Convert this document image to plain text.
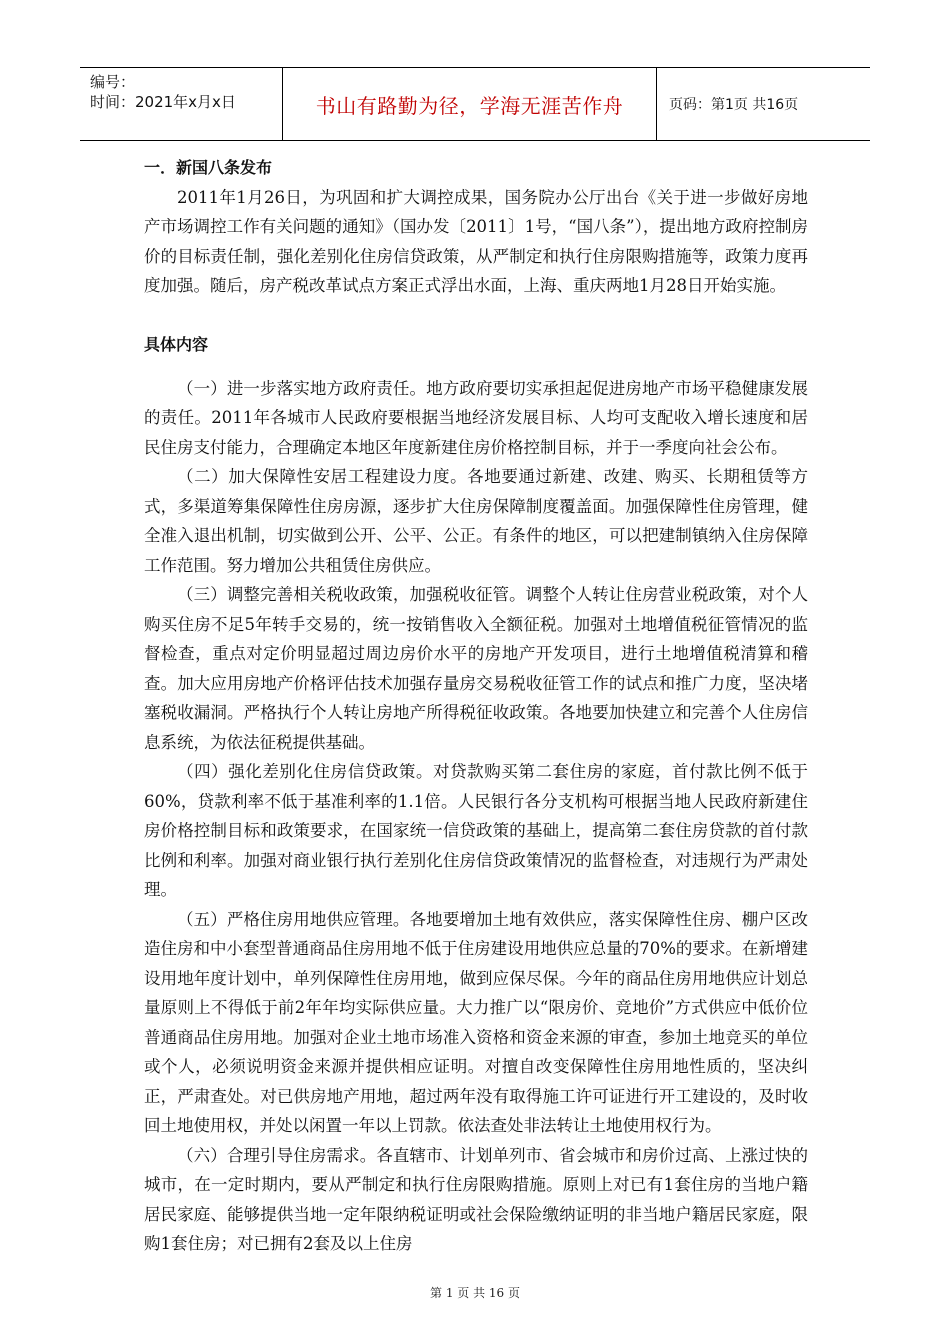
编号：
时间：2021年x月x日	书山有路勤为径，学海无涯苦作舟	页码：第1页 共16页
一．新国八条发布

2011年1月26日，为巩固和扩大调控成果，国务院办公厅出台《关于进一步做好房地产市场调控工作有关问题的通知》（国办发〔2011〕1号，“国八条”），提出地方政府控制房价的目标责任制，强化差别化住房信贷政策，从严制定和执行住房限购措施等，政策力度再度加强。随后，房产税改革试点方案正式浮出水面，上海、重庆两地1月28日开始实施。

具体内容

（一）进一步落实地方政府责任。地方政府要切实承担起促进房地产市场平稳健康发展的责任。2011年各城市人民政府要根据当地经济发展目标、人均可支配收入增长速度和居民住房支付能力，合理确定本地区年度新建住房价格控制目标，并于一季度向社会公布。

（二）加大保障性安居工程建设力度。各地要通过新建、改建、购买、长期租赁等方式，多渠道筹集保障性住房房源，逐步扩大住房保障制度覆盖面。加强保障性住房管理，健全准入退出机制，切实做到公开、公平、公正。有条件的地区，可以把建制镇纳入住房保障工作范围。努力增加公共租赁住房供应。

（三）调整完善相关税收政策，加强税收征管。调整个人转让住房营业税政策，对个人购买住房不足5年转手交易的，统一按销售收入全额征税。加强对土地增值税征管情况的监督检查，重点对定价明显超过周边房价水平的房地产开发项目，进行土地增值税清算和稽查。加大应用房地产价格评估技术加强存量房交易税收征管工作的试点和推广力度，坚决堵塞税收漏洞。严格执行个人转让房地产所得税征收政策。各地要加快建立和完善个人住房信息系统，为依法征税提供基础。

（四）强化差别化住房信贷政策。对贷款购买第二套住房的家庭，首付款比例不低于60%，贷款利率不低于基准利率的1.1倍。人民银行各分支机构可根据当地人民政府新建住房价格控制目标和政策要求，在国家统一信贷政策的基础上，提高第二套住房贷款的首付款比例和利率。加强对商业银行执行差别化住房信贷政策情况的监督检查，对违规行为严肃处理。

（五）严格住房用地供应管理。各地要增加土地有效供应，落实保障性住房、棚户区改造住房和中小套型普通商品住房用地不低于住房建设用地供应总量的70%的要求。在新增建设用地年度计划中，单列保障性住房用地，做到应保尽保。今年的商品住房用地供应计划总量原则上不得低于前2年年均实际供应量。大力推广以“限房价、竞地价”方式供应中低价位普通商品住房用地。加强对企业土地市场准入资格和资金来源的审查，参加土地竞买的单位或个人，必须说明资金来源并提供相应证明。对擅自改变保障性住房用地性质的，坚决纠正，严肃查处。对已供房地产用地，超过两年没有取得施工许可证进行开工建设的，及时收回土地使用权，并处以闲置一年以上罚款。依法查处非法转让土地使用权行为。

（六）合理引导住房需求。各直辖市、计划单列市、省会城市和房价过高、上涨过快的城市，在一定时期内，要从严制定和执行住房限购措施。原则上对已有1套住房的当地户籍居民家庭、能够提供当地一定年限纳税证明或社会保险缴纳证明的非当地户籍居民家庭，限购1套住房；对已拥有2套及以上住房

第 1 页 共 16 页
